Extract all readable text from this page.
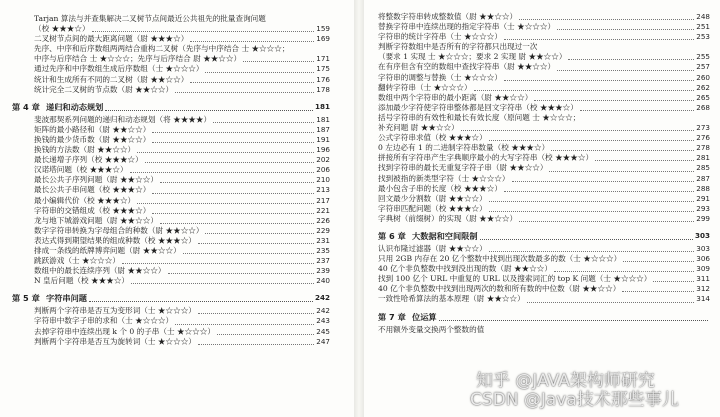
Tarjan 算法与并查集解决二叉树节点间最近公共祖先的批量查询问题
（校 ★★★☆）	159
二叉树节点间的最大距离问题（尉 ★★★☆）	169
先序、中序和后序数组两两结合重构二叉树（先序与中序结合 士 ★☆☆☆；
中序与后序结合 士 ★☆☆☆；先序与后序结合 尉 ★★☆☆）	171
通过先序和中序数组生成后序数组（士 ★☆☆☆）	175
统计和生成所有不同的二叉树（尉 ★★☆☆）	176
统计完全二叉树的节点数（尉 ★★☆☆）	178
第 4 章 递归和动态规划	181
斐波那契系列问题的递归和动态规划（将 ★★★★）	181
矩阵的最小路径和（尉 ★★☆☆）	187
换钱的最少货币数（尉 ★★☆☆）	191
换钱的方法数（尉 ★★☆☆）	196
最长递增子序列（校 ★★★☆）	202
汉诺塔问题（校 ★★★☆）	206
最长公共子序列问题（尉 ★★☆☆）	210
最长公共子串问题（校 ★★★☆）	213
最小编辑代价（校 ★★★☆）	217
字符串的交错组成（校 ★★★☆）	221
龙与地下城游戏问题（尉 ★★☆☆）	226
数字字符串转换为字母组合的种数（尉 ★★☆☆）	229
表达式得到期望结果的组成种数（校 ★★★☆）	231
排成一条线的纸牌博弈问题（尉 ★★☆☆）	235
跳跃游戏（士 ★☆☆☆）	237
数组中的最长连续序列（尉 ★★☆☆）	239
N 皇后问题（校 ★★★☆）	240
第 5 章 字符串问题	242
判断两个字符串是否互为变形词（士 ★☆☆☆）	242
字符串中数字子串的求和（士 ★☆☆☆）	243
去掉字符串中连续出现 k 个 0 的子串（士 ★☆☆☆）	245
判断两个字符串是否互为旋转词（士 ★☆☆☆）	247
将整数字符串转成整数值（尉 ★★☆☆）	248
替换字符串中连续出现的指定字符串（士 ★☆☆☆）	251
字符串的统计字符串（士 ★☆☆☆）	253
判断字符数组中是否所有的字符都只出现过一次
（要求 1 实现 士 ★☆☆☆；要求 2 实现 尉 ★★☆☆）	255
在有序但含有空的数组中查找字符串（尉 ★★☆☆）	257
字符串的调整与替换（士 ★☆☆☆）	260
翻转字符串（士 ★☆☆☆）	262
数组中两个字符串的最小距离（尉 ★★☆☆）	265
添加最少字符使字符串整体都是回文字符串（校 ★★★☆）	268
括号字符串的有效性和最长有效长度（原问题 士 ★☆☆☆；
补充问题 尉 ★★☆☆）	273
公式字符串求值（校 ★★★☆）	276
0 左边必有 1 的二进制字符串数量（校 ★★★☆）	278
拼接所有字符串产生字典顺序最小的大写字符串（校 ★★★☆）	281
找到字符串的最长无重复字符子串（尉 ★★☆☆）	285
找到被指的新类型字符（士 ★☆☆☆）	287
最小包含子串的长度（校 ★★★☆）	288
回文最少分割数（尉 ★★☆☆）	291
字符串匹配问题（校 ★★★☆）	293
字典树（前缀树）的实现（尉 ★★☆☆）	299
第 6 章 大数据和空间限制	303
认识布隆过滤器（尉 ★★☆☆）	303
只用 2GB 内存在 20 亿个整数中找到出现次数最多的数（士 ★☆☆☆）	306
40 亿个非负整数中找到没出现的数（尉 ★★☆☆）	309
找到 100 亿个 URL 中重复的 URL 以及搜索词汇的 top K 问题（士 ★☆☆☆）	311
40 亿个非负整数中找到出现两次的数和所有数的中位数（尉 ★★☆☆）	312
一致性哈希算法的基本原理（尉 ★★☆☆）	314
第 7 章 位运算
不用额外变量交换两个整数的值
知乎 @JAVA架构师研究
CSDN @Java技术那些事儿
